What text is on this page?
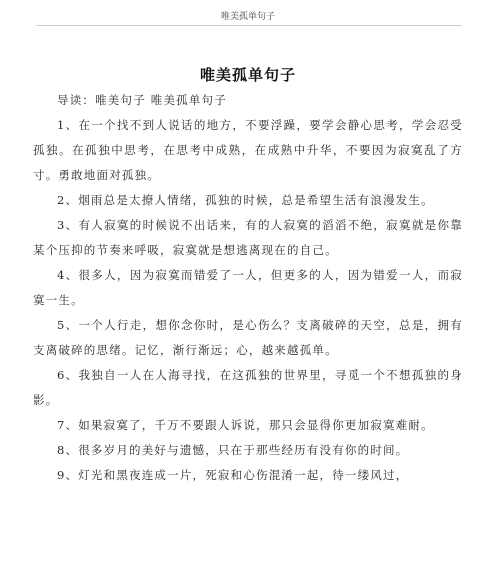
唯美孤单句子
唯美孤单句子

导读：唯美句子 唯美孤单句子

1、在一个找不到人说话的地方，不要浮躁，要学会静心思考，学会忍受孤独。在孤独中思考，在思考中成熟，在成熟中升华，不要因为寂寞乱了方寸。勇敢地面对孤独。

2、烟雨总是太撩人情绪，孤独的时候，总是希望生活有浪漫发生。

3、有人寂寞的时候说不出话来，有的人寂寞的滔滔不绝，寂寞就是你靠某个压抑的节奏来呼吸，寂寞就是想逃离现在的自己。

4、很多人，因为寂寞而错爱了一人，但更多的人，因为错爱一人，而寂寞一生。

5、一个人行走，想你念你时，是心伤么？支离破碎的天空，总是，拥有支离破碎的思绪。记忆，渐行渐远；心，越来越孤单。

6、我独自一人在人海寻找，在这孤独的世界里，寻觅一个不想孤独的身影。

7、如果寂寞了，千万不要跟人诉说，那只会显得你更加寂寞难耐。

8、很多岁月的美好与遗憾，只在于那些经历有没有你的时间。

9、灯光和黑夜连成一片，死寂和心伤混淆一起，待一缕风过，
